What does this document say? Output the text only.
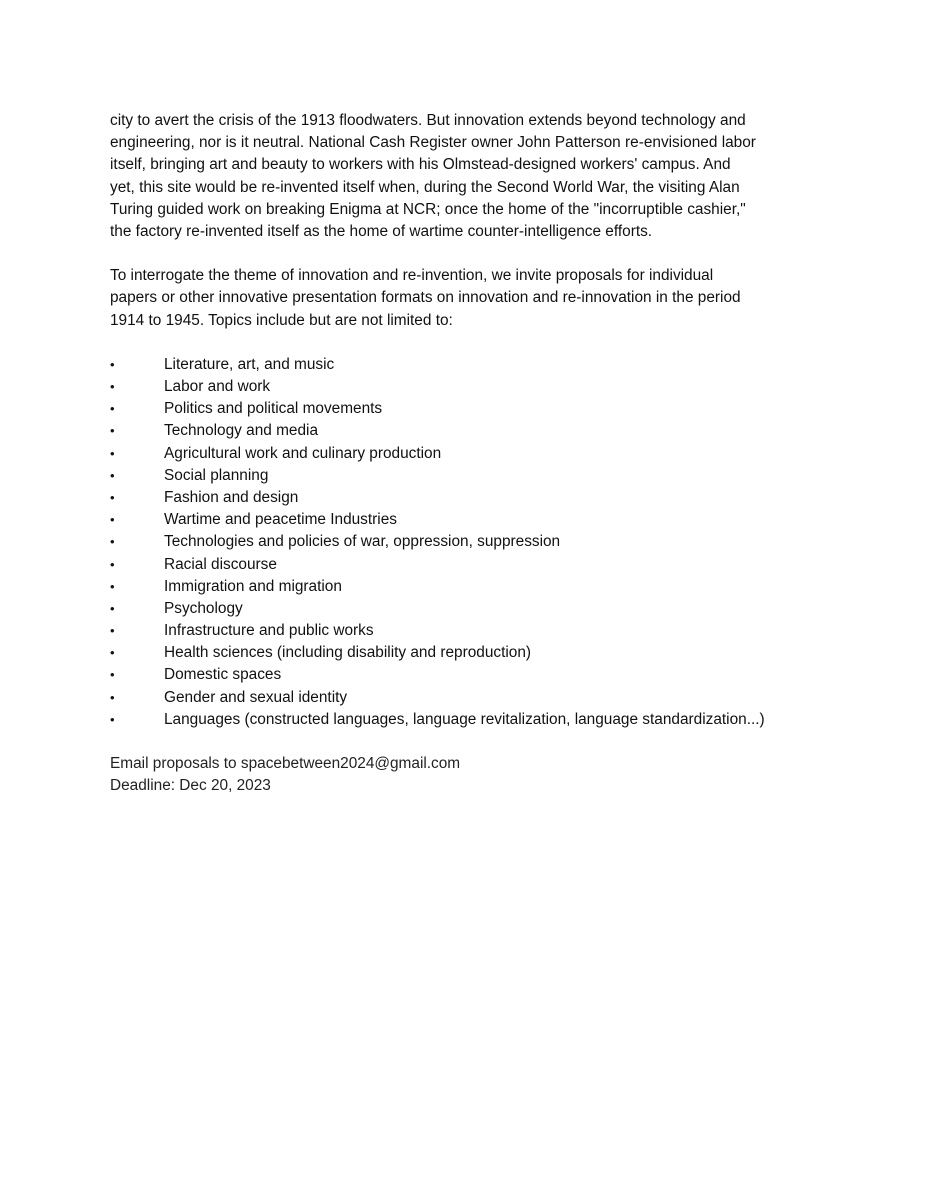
city to avert the crisis of the 1913 floodwaters. But innovation extends beyond technology and
engineering, nor is it neutral. National Cash Register owner John Patterson re-envisioned labor
itself, bringing art and beauty to workers with his Olmstead-designed workers' campus. And
yet, this site would be re-invented itself when, during the Second World War, the visiting Alan
Turing guided work on breaking Enigma at NCR; once the home of the "incorruptible cashier,"
the factory re-invented itself as the home of wartime counter-intelligence efforts.

To interrogate the theme of innovation and re-invention, we invite proposals for individual
papers or other innovative presentation formats on innovation and re-innovation in the period
1914 to 1945. Topics include but are not limited to:

•	Literature, art, and music
•	Labor and work
•	Politics and political movements
•	Technology and media
•	Agricultural work and culinary production
•	Social planning
•	Fashion and design
•	Wartime and peacetime Industries
•	Technologies and policies of war, oppression, suppression
•	Racial discourse
•	Immigration and migration
•	Psychology
•	Infrastructure and public works
•	Health sciences (including disability and reproduction)
•	Domestic spaces
•	Gender and sexual identity
•	Languages (constructed languages, language revitalization, language standardization...)
Email proposals to spacebetween2024@gmail.com
Deadline: Dec 20, 2023
